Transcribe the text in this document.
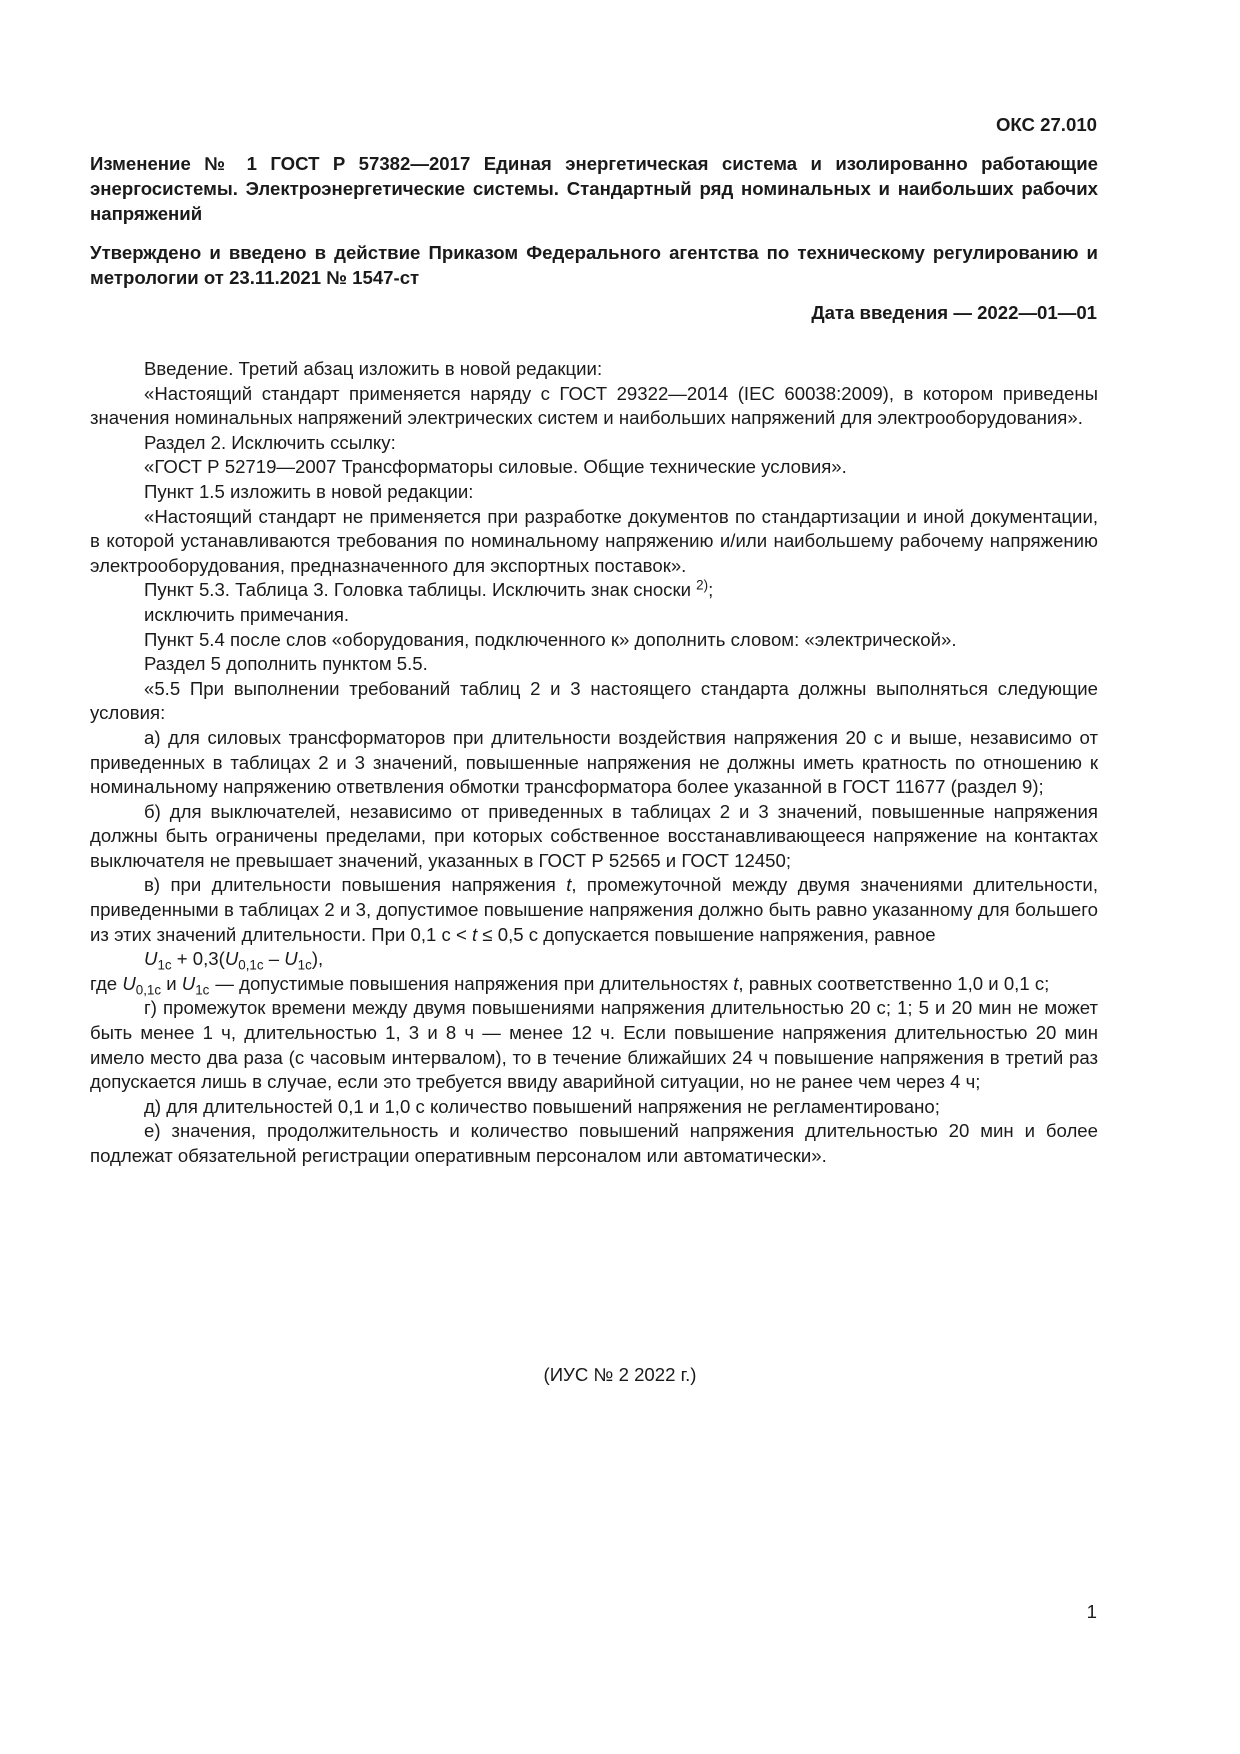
ОКС 27.010
Изменение № 1 ГОСТ Р 57382—2017 Единая энергетическая система и изолированно работающие энергосистемы. Электроэнергетические системы. Стандартный ряд номинальных и наибольших рабочих напряжений
Утверждено и введено в действие Приказом Федерального агентства по техническому регулированию и метрологии от 23.11.2021 № 1547-ст
Дата введения — 2022—01—01

Введение. Третий абзац изложить в новой редакции:

«Настоящий стандарт применяется наряду с ГОСТ 29322—2014 (IEC 60038:2009), в котором приведены значения номинальных напряжений электрических систем и наибольших напряжений для электрооборудования».

Раздел 2. Исключить ссылку:

«ГОСТ Р 52719—2007 Трансформаторы силовые. Общие технические условия».

Пункт 1.5 изложить в новой редакции:

«Настоящий стандарт не применяется при разработке документов по стандартизации и иной документации, в которой устанавливаются требования по номинальному напряжению и/или наибольшему рабочему напряжению электрооборудования, предназначенного для экспортных поставок».

Пункт 5.3. Таблица 3. Головка таблицы. Исключить знак сноски $^{2)}$;

исключить примечания.

Пункт 5.4 после слов «оборудования, подключенного к» дополнить словом: «электрической».

Раздел 5 дополнить пунктом 5.5.

«5.5 При выполнении требований таблиц 2 и 3 настоящего стандарта должны выполняться следующие условия:

а) для силовых трансформаторов при длительности воздействия напряжения 20 с и выше, независимо от приведенных в таблицах 2 и 3 значений, повышенные напряжения не должны иметь кратность по отношению к номинальному напряжению ответвления обмотки трансформатора более указанной в ГОСТ 11677 (раздел 9);

б) для выключателей, независимо от приведенных в таблицах 2 и 3 значений, повышенные напряжения должны быть ограничены пределами, при которых собственное восстанавливающееся напряжение на контактах выключателя не превышает значений, указанных в ГОСТ Р 52565 и ГОСТ 12450;

в) при длительности повышения напряжения t, промежуточной между двумя значениями длительности, приведенными в таблицах 2 и 3, допустимое повышение напряжения должно быть равно указанному для большего из этих значений длительности. При 0,1 с < t ≤ 0,5 с допускается повышение напряжения, равное

$U_{1c} + 0,3(U_{0,1c} - U_{1c})$,

где $U_{0,1c}$ и $U_{1c}$ — допустимые повышения напряжения при длительностях t, равных соответственно 1,0 и 0,1 с;

г) промежуток времени между двумя повышениями напряжения длительностью 20 с; 1; 5 и 20 мин не может быть менее 1 ч, длительностью 1, 3 и 8 ч — менее 12 ч. Если повышение напряжения длительностью 20 мин имело место два раза (с часовым интервалом), то в течение ближайших 24 ч повышение напряжения в третий раз допускается лишь в случае, если это требуется ввиду аварийной ситуации, но не ранее чем через 4 ч;

д) для длительностей 0,1 и 1,0 с количество повышений напряжения не регламентировано;

е) значения, продолжительность и количество повышений напряжения длительностью 20 мин и более подлежат обязательной регистрации оперативным персоналом или автоматически».

(ИУС № 2 2022 г.)
1
